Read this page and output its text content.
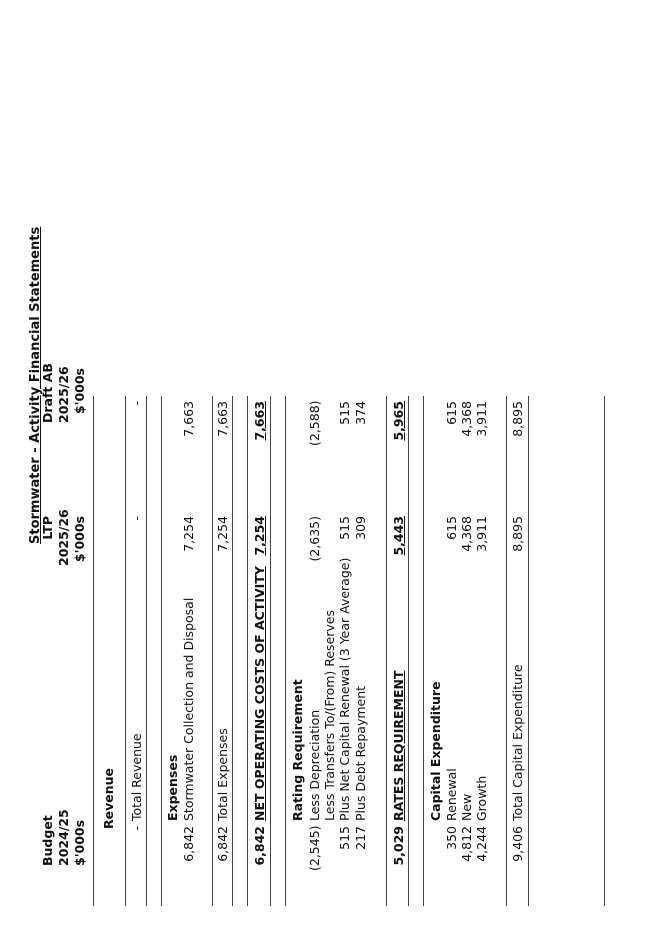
Stormwater - Activity Financial Statements
Budget 2024/25 $'000s
LTP 2025/26 $'000s
Draft AB 2025/26 $'000s
Revenue -
Total Revenue
-
-
Expenses
6,842
Stormwater Collection and Disposal
7,254
7,663
6,842
Total Expenses
7,254
7,663
6,842
NET OPERATING COSTS OF ACTIVITY
7,254
7,663
Rating Requirement
(2,545)
Less Depreciation
(2,635)
(2,588)
Less Transfers To/(From) Reserves
515
Plus Net Capital Renewal (3 Year Average)
515
515
217
Plus Debt Repayment
309
374
5,029
RATES REQUIREMENT
5,443
5,965
Capital Expenditure
350
Renewal
615
615
4,812
New
4,368
4,368
4,244
Growth
3,911
3,911
9,406
Total Capital Expenditure
8,895
8,895
